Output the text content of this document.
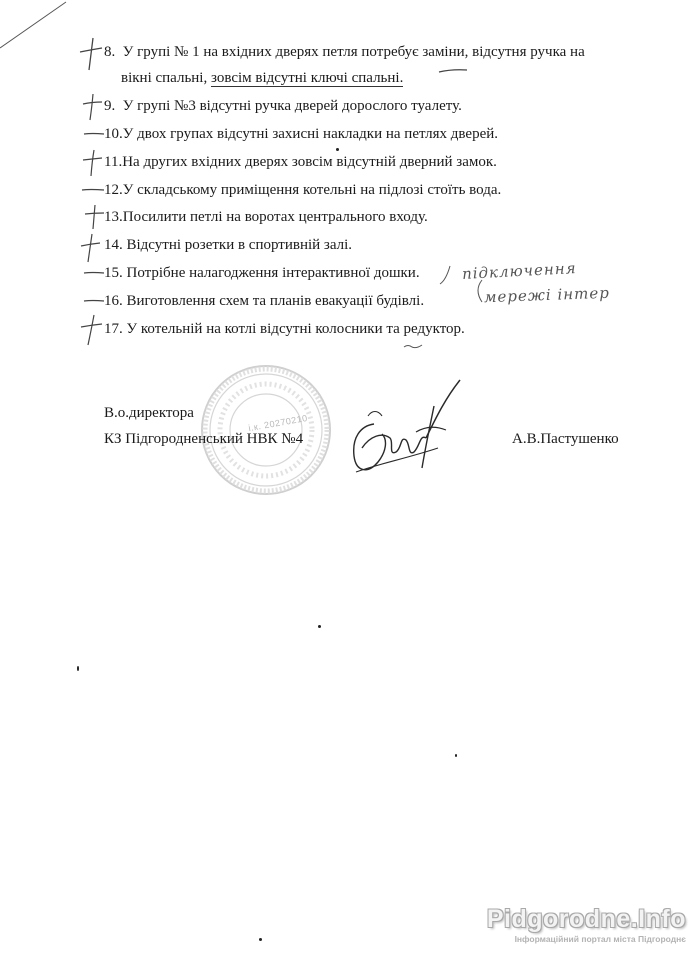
8. У групі № 1 на вхідних дверях петля потребує заміни, відсутня ручка на
вікні спальні, зовсім відсутні ключі спальні.
9. У групі №3 відсутні ручка дверей дорослого туалету.
10.У двох групах відсутні захисні накладки на петлях дверей.
11.На других вхідних дверях зовсім відсутній дверний замок.
12.У складському приміщення котельні на підлозі стоїть вода.
13.Посилити петлі на воротах центрального входу.
14. Відсутні розетки в спортивній залі.
15. Потрібне налагодження інтерактивної дошки.
16. Виготовлення схем та планів евакуації будівлі.
17. У котельній на котлі відсутні колосники та редуктор.
підключення
мережі інтер
і.к. 20270210
В.о.директора
КЗ Підгородненський НВК №4	А.В.Пастушенко
Pidgorodne.Info
Інформаційний портал міста Підгороднє
